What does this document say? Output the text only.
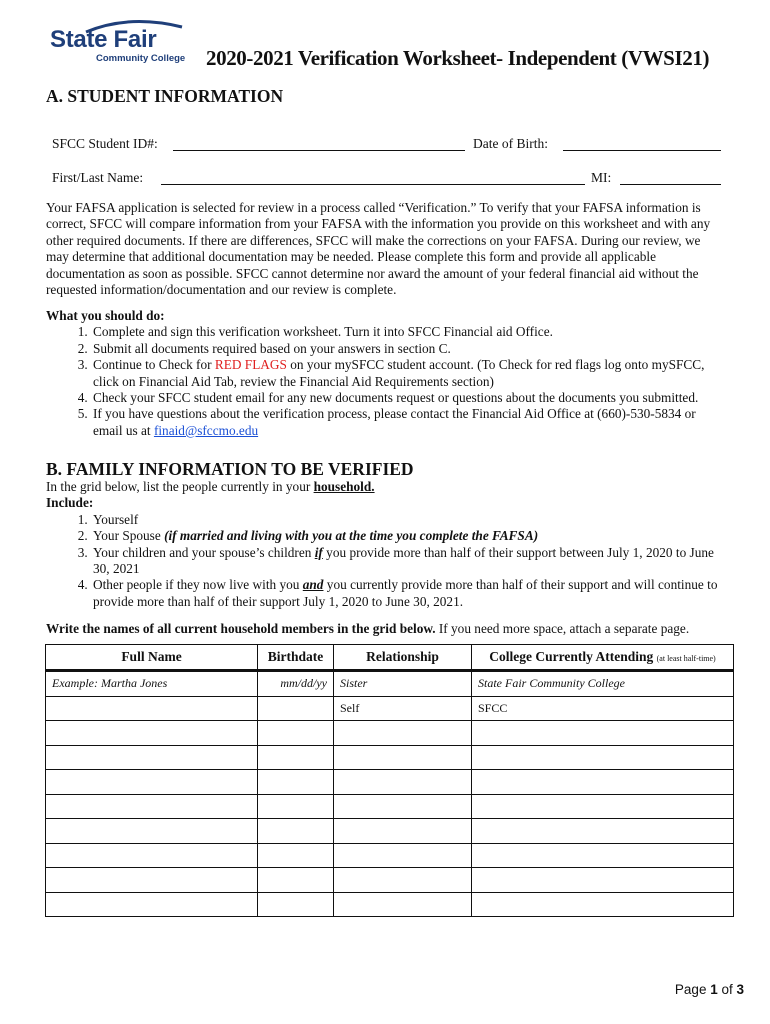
State Fair
Community College 2020-2021 Verification Worksheet- Independent (VWSI21)
A. STUDENT INFORMATION
SFCC Student ID#:	Date of Birth:
First/Last Name:	MI:
Your FAFSA application is selected for review in a process called “Verification.” To verify that your FAFSA information is correct, SFCC will compare information from your FAFSA with the information you provide on this worksheet and with any other required documents. If there are differences, SFCC will make the corrections on your FAFSA. During our review, we may determine that additional documentation may be needed. Please complete this form and provide all applicable documentation as soon as possible. SFCC cannot determine nor award the amount of your federal financial aid without the requested information/documentation and our review is complete.
What you should do:
1. Complete and sign this verification worksheet. Turn it into SFCC Financial aid Office.
2. Submit all documents required based on your answers in section C.
3. Continue to Check for RED FLAGS on your mySFCC student account. (To Check for red flags log onto mySFCC, click on Financial Aid Tab, review the Financial Aid Requirements section)
4. Check your SFCC student email for any new documents request or questions about the documents you submitted.
5. If you have questions about the verification process, please contact the Financial Aid Office at (660)-530-5834 or email us at finaid@sfccmo.edu
B. FAMILY INFORMATION TO BE VERIFIED
In the grid below, list the people currently in your household.
Include:
1. Yourself
2. Your Spouse (if married and living with you at the time you complete the FAFSA)
3. Your children and your spouse’s children if you provide more than half of their support between July 1, 2020 to June 30, 2021
4. Other people if they now live with you and you currently provide more than half of their support and will continue to provide more than half of their support July 1, 2020 to June 30, 2021.
Write the names of all current household members in the grid below. If you need more space, attach a separate page.
Full Name	Birthdate	Relationship	College Currently Attending (at least half-time)
Example: Martha Jones	mm/dd/yy	Sister	State Fair Community College
		Self	SFCC

Page 1 of 3
